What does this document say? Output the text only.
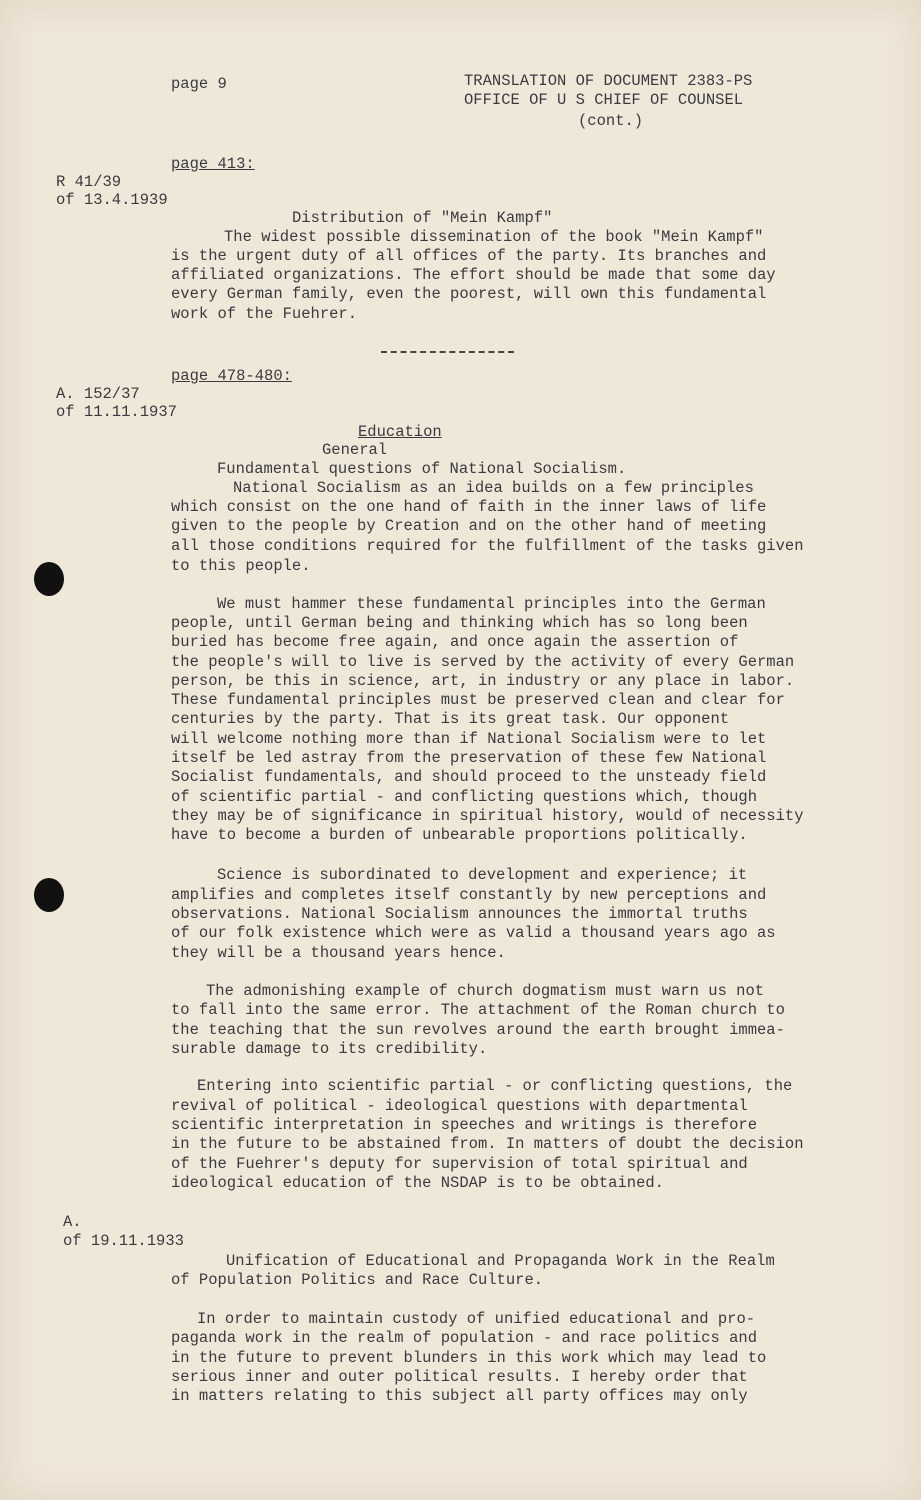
page 9	TRANSLATION OF DOCUMENT 2383-PS

OFFICE OF U S CHIEF OF COUNSEL

(cont.)

page 413:

R 41/39

of 13.4.1939

Distribution of "Mein Kampf"

The widest possible dissemination of the book "Mein Kampf"

is the urgent duty of all offices of the party. Its branches and

affiliated organizations. The effort should be made that some day

every German family, even the poorest, will own this fundamental

work of the Fuehrer.

page 478-480:

A. 152/37

of 11.11.1937

Education

General

Fundamental questions of National Socialism.

National Socialism as an idea builds on a few principles

which consist on the one hand of faith in the inner laws of life

given to the people by Creation and on the other hand of meeting

all those conditions required for the fulfillment of the tasks given

to this people.

We must hammer these fundamental principles into the German

people, until German being and thinking which has so long been

buried has become free again, and once again the assertion of

the people's will to live is served by the activity of every German

person, be this in science, art, in industry or any place in labor.

These fundamental principles must be preserved clean and clear for

centuries by the party. That is its great task. Our opponent

will welcome nothing more than if National Socialism were to let

itself be led astray from the preservation of these few National

Socialist fundamentals, and should proceed to the unsteady field

of scientific partial - and conflicting questions which, though

they may be of significance in spiritual history, would of necessity

have to become a burden of unbearable proportions politically.

Science is subordinated to development and experience; it

amplifies and completes itself constantly by new perceptions and

observations. National Socialism announces the immortal truths

of our folk existence which were as valid a thousand years ago as

they will be a thousand years hence.

The admonishing example of church dogmatism must warn us not

to fall into the same error. The attachment of the Roman church to

the teaching that the sun revolves around the earth brought immea-

surable damage to its credibility.

Entering into scientific partial - or conflicting questions, the

revival of political - ideological questions with departmental

scientific interpretation in speeches and writings is therefore

in the future to be abstained from. In matters of doubt the decision

of the Fuehrer's deputy for supervision of total spiritual and

ideological education of the NSDAP is to be obtained.

A.

of 19.11.1933

Unification of Educational and Propaganda Work in the Realm

of Population Politics and Race Culture.

In order to maintain custody of unified educational and pro-

paganda work in the realm of population - and race politics and

in the future to prevent blunders in this work which may lead to

serious inner and outer political results. I hereby order that

in matters relating to this subject all party offices may only
